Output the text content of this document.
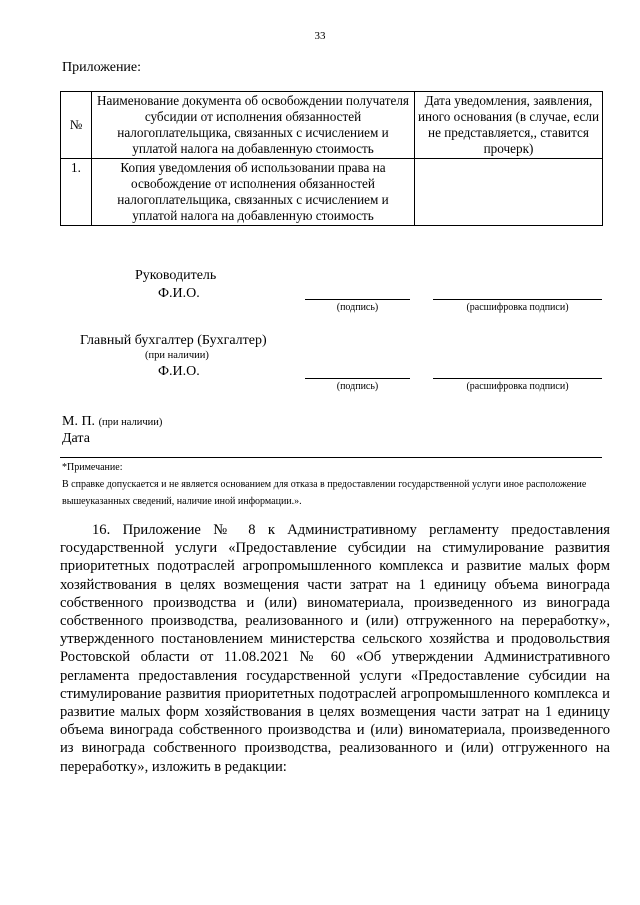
33
Приложение:
№	Наименование документа об освобождении получателя субсидии от исполнения обязанностей налогоплательщика, связанных с исчислением и уплатой налога на добавленную стоимость	Дата уведомления, заявления, иного основания (в случае, если не представляется,, ставится прочерк)
1.	Копия уведомления об использовании права на освобождение от исполнения обязанностей налогоплательщика, связанных с исчислением и уплатой налога на добавленную стоимость	
Руководитель
Ф.И.О.
(подпись)	(расшифровка подписи)
Главный бухгалтер (Бухгалтер)
(при наличии)
Ф.И.О.
(подпись)	(расшифровка подписи)
М. П. (при наличии)
Дата
*Примечание:
В справке допускается и не является основанием для отказа в предоставлении государственной услуги иное расположение вышеуказанных сведений, наличие иной информации.».
16. Приложение № 8 к Административному регламенту предоставления государственной услуги «Предоставление субсидии на стимулирование развития приоритетных подотраслей агропромышленного комплекса и развитие малых форм хозяйствования в целях возмещения части затрат на 1 единицу объема винограда собственного производства и (или) виноматериала, произведенного из винограда собственного производства, реализованного и (или) отгруженного на переработку», утвержденного постановлением министерства сельского хозяйства и продовольствия Ростовской области от 11.08.2021 № 60 «Об утверждении Административного регламента предоставления государственной услуги «Предоставление субсидии на стимулирование развития приоритетных подотраслей агропромышленного комплекса и развитие малых форм хозяйствования в целях возмещения части затрат на 1 единицу объема винограда собственного производства и (или) виноматериала, произведенного из винограда собственного производства, реализованного и (или) отгруженного на переработку», изложить в редакции:
